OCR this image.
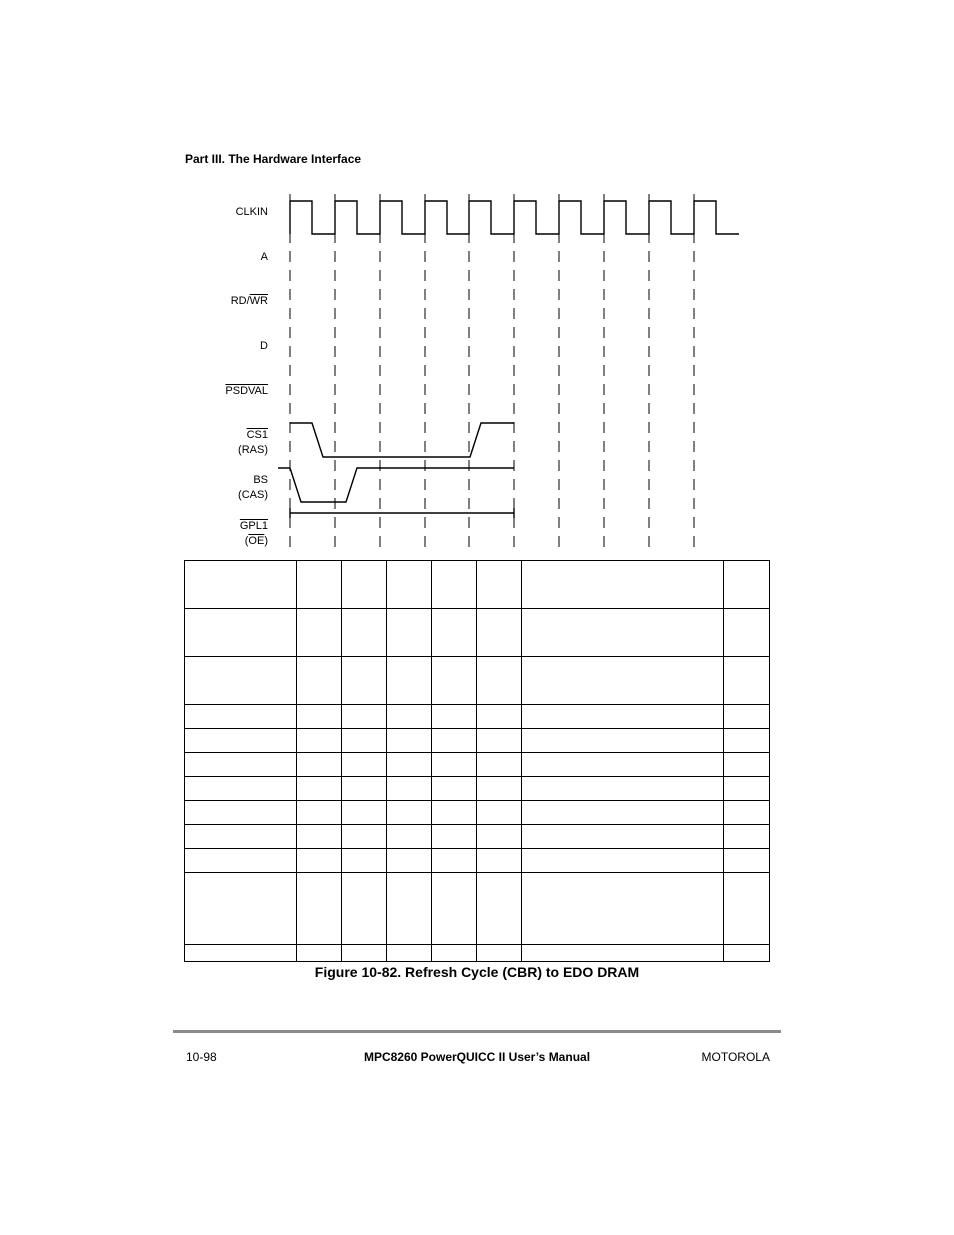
Part III. The Hardware Interface
CLKIN
A
$RD/\overline{WR}$
D
PSDVAL
CS1
(RAS)
BS
(CAS)
GPL1
$(\overline{OE})$

Figure 10-82. Refresh Cycle (CBR) to EDO DRAM
10-98	MPC8260 PowerQUICC II User’s Manual	MOTOROLA
